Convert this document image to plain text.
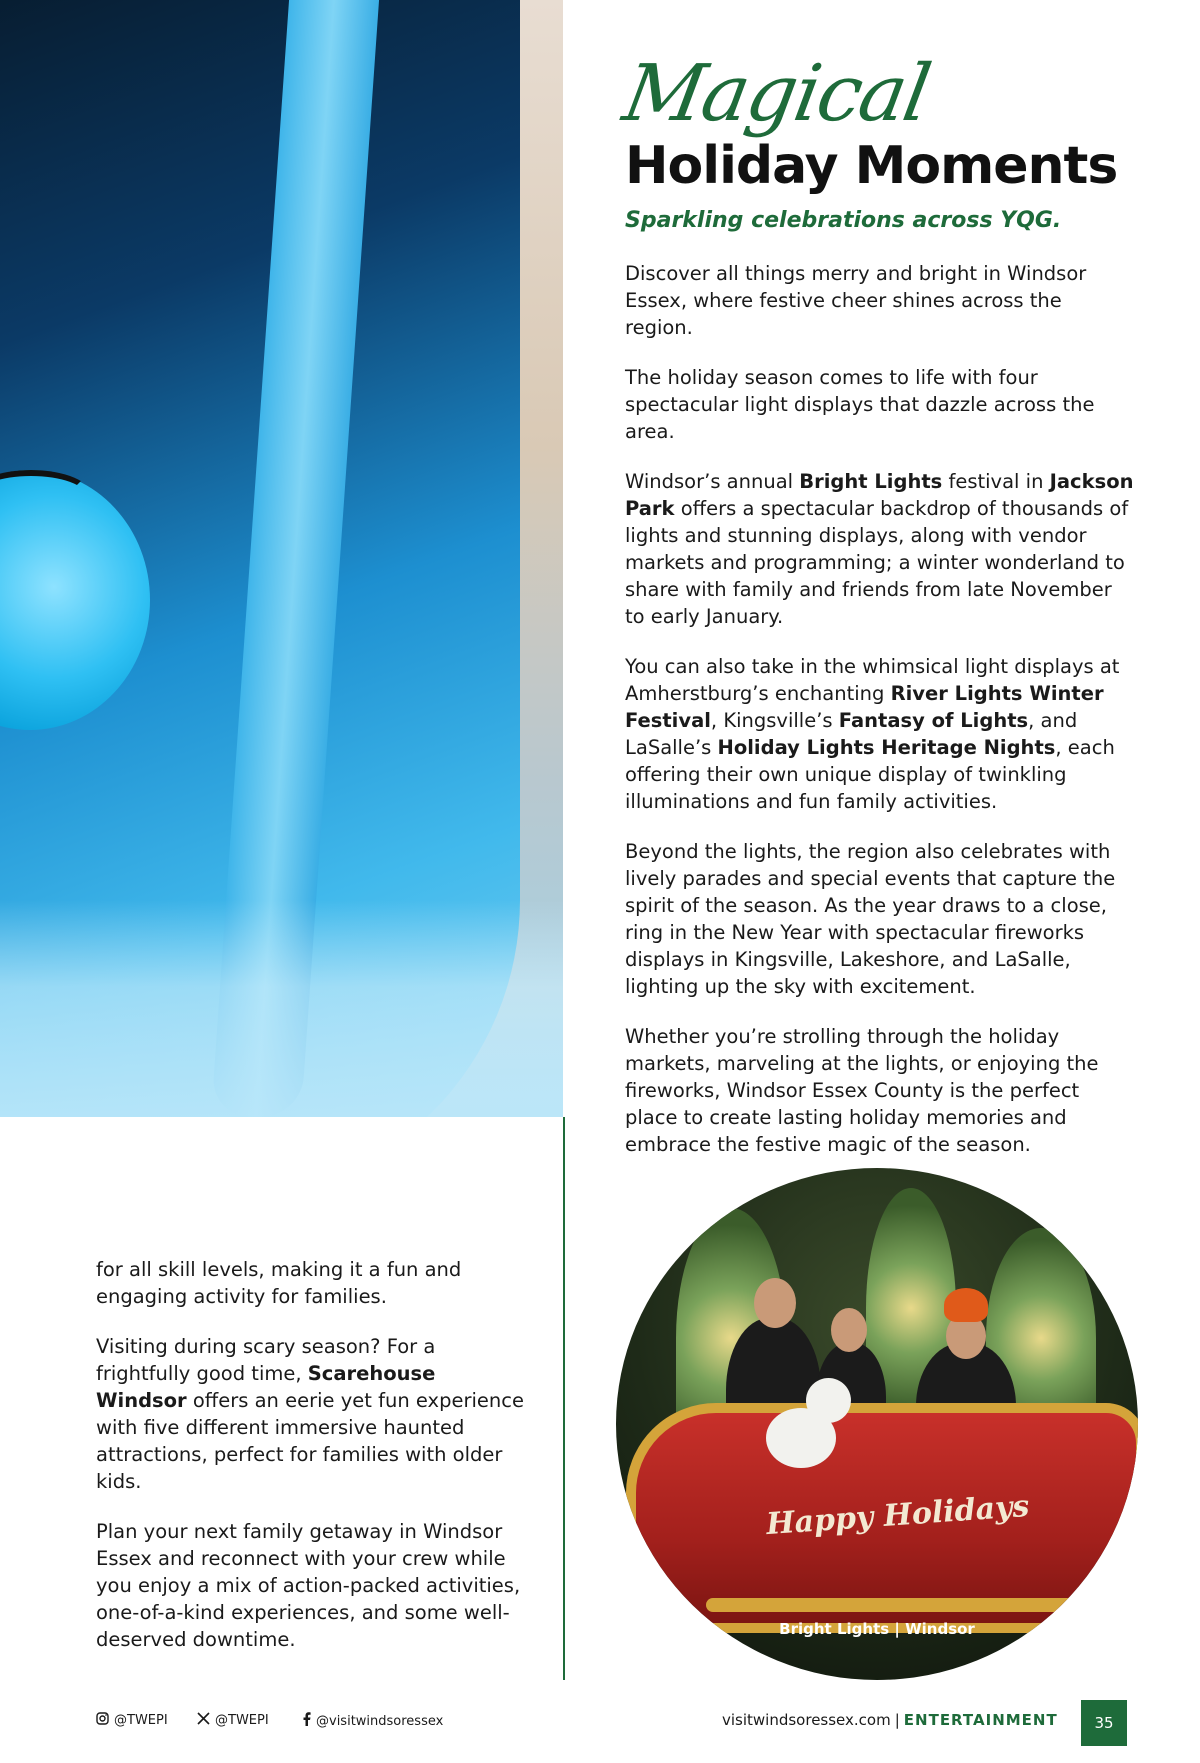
Magical
Holiday Moments
Sparkling celebrations across YQG.

Discover all things merry and bright in Windsor Essex, where festive cheer shines across the region.

The holiday season comes to life with four spectacular light displays that dazzle across the area.

Windsor’s annual Bright Lights festival in Jackson Park offers a spectacular backdrop of thousands of lights and stunning displays, along with vendor markets and programming; a winter wonderland to share with family and friends from late November to early January.

You can also take in the whimsical light displays at Amherstburg’s enchanting River Lights Winter Festival, Kingsville’s Fantasy of Lights, and LaSalle’s Holiday Lights Heritage Nights, each offering their own unique display of twinkling illuminations and fun family activities.

Beyond the lights, the region also celebrates with lively parades and special events that capture the spirit of the season. As the year draws to a close, ring in the New Year with spectacular fireworks displays in Kingsville, Lakeshore, and LaSalle, lighting up the sky with excitement.

Whether you’re strolling through the holiday markets, marveling at the lights, or enjoying the fireworks, Windsor Essex County is the perfect place to create lasting holiday memories and embrace the festive magic of the season.

for all skill levels, making it a fun and engaging activity for families.

Visiting during scary season? For a frightfully good time, Scarehouse Windsor offers an eerie yet fun experience with five different immersive haunted attractions, perfect for families with older kids.

Plan your next family getaway in Windsor Essex and reconnect with your crew while you enjoy a mix of action-packed activities, one-of-a-kind experiences, and some well-deserved downtime.

Happy Holidays
Bright Lights | Windsor
@TWEPI	@TWEPI	@visitwindsoressex	visitwindsoressex.com | ENTERTAINMENT	35
